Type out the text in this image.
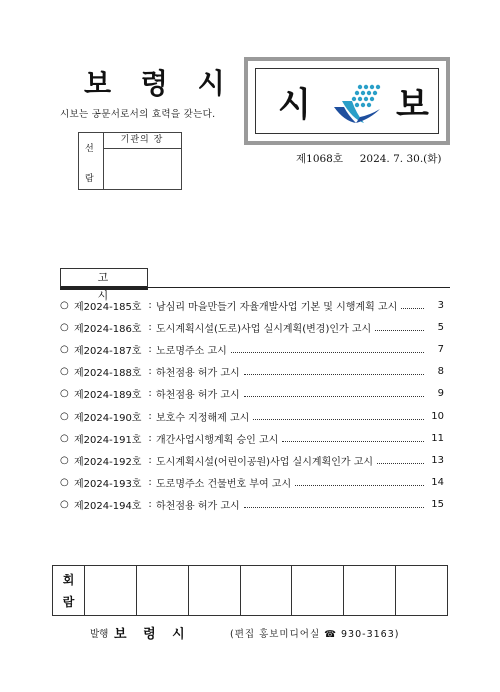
보 령 시
시보는 공문서로서의 효력을 갖는다. 시	보
제1068호 2024. 7. 30.(화)
선
람
기관의 장
고 시
○ 제2024-185호 : 남심리 마을만들기 자율개발사업 기본 및 시행계획 고시	3
○ 제2024-186호 : 도시계획시설(도로)사업 실시계획(변경)인가 고시	5
○ 제2024-187호 : 노로명주소 고시	7
○ 제2024-188호 : 하천점용 허가 고시	8
○ 제2024-189호 : 하천점용 허가 고시	9
○ 제2024-190호 : 보호수 지정해제 고시	10
○ 제2024-191호 : 개간사업시행계획 승인 고시	11
○ 제2024-192호 : 도시계획시설(어린이공원)사업 실시계획인가 고시	13
○ 제2024-193호 : 도로명주소 건물번호 부여 고시	14
○ 제2024-194호 : 하천점용 허가 고시	15
회
람
발행 보 령 시	(편집 홍보미디어실 ☎ 930-3163)
